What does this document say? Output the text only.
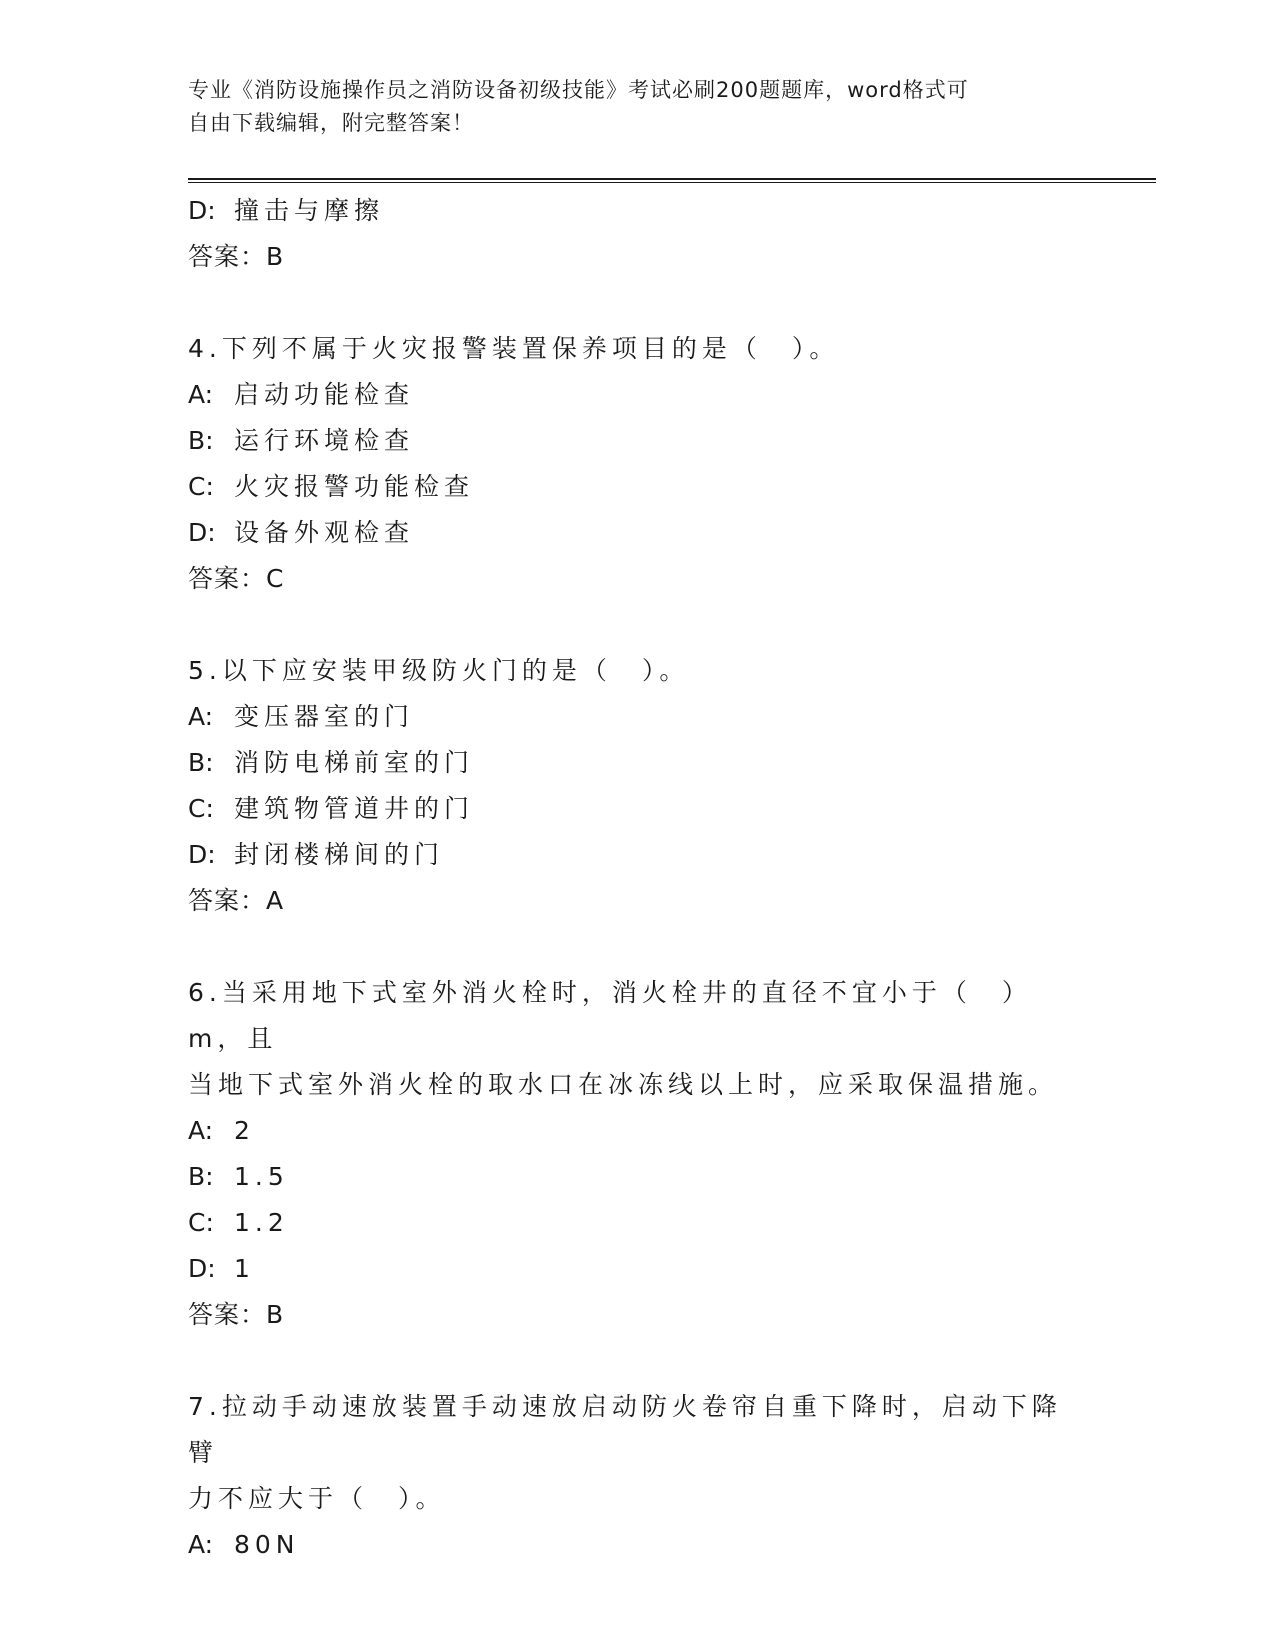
专业《消防设施操作员之消防设备初级技能》考试必刷200题题库，word格式可
自由下载编辑，附完整答案！
D: 撞击与摩擦
答案：B
4.下列不属于火灾报警装置保养项目的是（　）。
A: 启动功能检查
B: 运行环境检查
C: 火灾报警功能检查
D: 设备外观检查
答案：C
5.以下应安装甲级防火门的是（　）。
A: 变压器室的门
B: 消防电梯前室的门
C: 建筑物管道井的门
D: 封闭楼梯间的门
答案：A
6.当采用地下式室外消火栓时，消火栓井的直径不宜小于（　）m，且
当地下式室外消火栓的取水口在冰冻线以上时，应采取保温措施。
A: 2
B: 1.5
C: 1.2
D: 1
答案：B
7.拉动手动速放装置手动速放启动防火卷帘自重下降时，启动下降臂
力不应大于（　）。
A: 80N
